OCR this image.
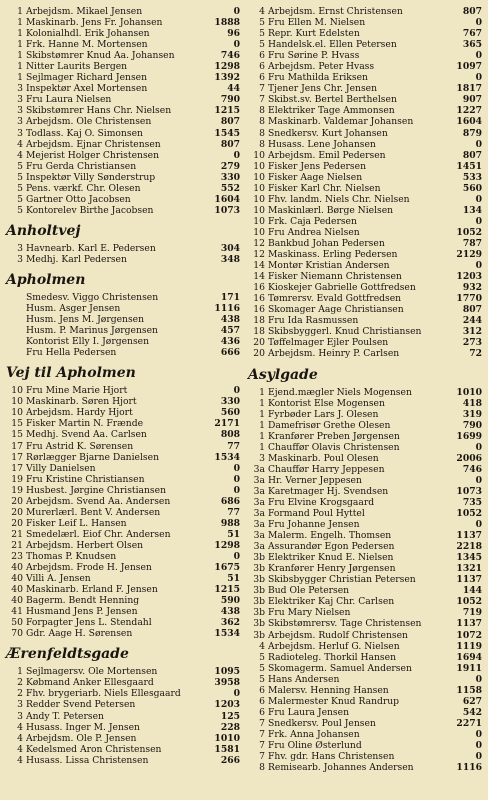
1 Arbejdsm. Mikael Jensen	0
1 Maskinarb. Jens Fr. Johansen	1888
1 Kolonialhdl. Erik Johansen	96
1 Frk. Hanne M. Mortensen	0
1 Skibstømrer Knud Aa. Johansen	746
1 Nitter Laurits Bergen	1298
1 Sejlmager Richard Jensen	1392
3 Inspektør Axel Mortensen	44
3 Fru Laura Nielsen	790
3 Skibstømrer Hans Chr. Nielsen	1215
3 Arbejdsm. Ole Christensen	807
3 Todlass. Kaj O. Simonsen	1545
4 Arbejdsm. Ejnar Christensen	807
4 Mejerist Holger Christensen	0
5 Fru Gerda Christiansen	279
5 Inspektør Villy Sønderstrup	330
5 Pens. værkf. Chr. Olesen	552
5 Gartner Otto Jacobsen	1604
5 Kontorelev Birthe Jacobsen	1073
Anholtvej
3 Havnearb. Karl E. Pedersen	304
3 Medhj. Karl Pedersen	348
Apholmen
Smedesv. Viggo Christensen	171
Husm. Asger Jensen	1116
Husm. Jens M. Jørgensen	438
Husm. P. Marinus Jørgensen	457
Kontorist Elly I. Jørgensen	436
Fru Hella Pedersen	666
Vej til Apholmen
10 Fru Mine Marie Hjort	0
10 Maskinarb. Søren Hjort	330
10 Arbejdsm. Hardy Hjort	560
15 Fisker Martin N. Frænde	2171
15 Medhj. Svend Aa. Carlsen	808
17 Fru Astrid K. Sørensen	77
17 Rørlægger Bjarne Danielsen	1534
17 Villy Danielsen	0
19 Fru Kristine Christiansen	0
19 Husbest. Jørgine Christiansen	0
20 Arbejdsm. Svend Aa. Andersen	686
20 Murerlærl. Bent V. Andersen	77
20 Fisker Leif L. Hansen	988
21 Smedelærl. Eiof Chr. Andersen	51
21 Arbejdsm. Herbert Olsen	1298
23 Thomas P. Knudsen	0
40 Arbejdsm. Frode H. Jensen	1675
40 Villi A. Jensen	51
40 Maskinarb. Erland F. Jensen	1215
40 Bagerm. Bendt Henning	590
41 Husmand Jens P. Jensen	438
50 Forpagter Jens L. Stendahl	362
70 Gdr. Aage H. Sørensen	1534
Ærenfeldtsgade
1 Sejlmagersv. Ole Mortensen	1095
2 Købmand Anker Ellesgaard	3958
2 Fhv. brygeriarb. Niels Ellesgaard	0
3 Redder Svend Petersen	1203
3 Andy T. Petersen	125
4 Husass. Inger M. Jensen	228
4 Arbejdsm. Ole P. Jensen	1010
4 Kedelsmed Aron Christensen	1581
4 Husass. Lissa Christensen	266
4 Arbejdsm. Ernst Christensen	807
5 Fru Ellen M. Nielsen	0
5 Repr. Kurt Edelsten	767
5 Handelsk.el. Ellen Petersen	365
6 Fru Sørine P. Hvass	0
6 Arbejdsm. Peter Hvass	1097
6 Fru Mathilda Eriksen	0
7 Tjener Jens Chr. Jensen	1817
7 Skibst.sv. Bertel Berthelsen	907
8 Elektriker Tage Ammonsen	1227
8 Maskinarb. Valdemar Johansen	1604
8 Snedkersv. Kurt Johansen	879
8 Husass. Lene Johansen	0
10 Arbejdsm. Emil Pedersen	807
10 Fisker Jens Pedersen	1451
10 Fisker Aage Nielsen	533
10 Fisker Karl Chr. Nielsen	560
10 Fhv. landm. Niels Chr. Nielsen	0
10 Maskinlærl. Børge Nielsen	134
10 Frk. Caja Pedersen	0
10 Fru Andrea Nielsen	1052
12 Bankbud Johan Pedersen	787
12 Maskinass. Erling Pedersen	2129
14 Montør Kristian Andersen	0
14 Fisker Niemann Christensen	1203
16 Kioskejer Gabrielle Gottfredsen	932
16 Tømrersv. Evald Gottfredsen	1770
16 Skomager Aage Christiansen	807
18 Fru Ida Rasmussen	244
18 Skibsbyggerl. Knud Christiansen	312
20 Tøffelmager Ejler Poulsen	273
20 Arbejdsm. Heinry P. Carlsen	72
Asylgade
1 Ejend.mægler Niels Mogensen	1010
1 Kontorist Else Mogensen	418
1 Fyrbøder Lars J. Olesen	319
1 Damefrisør Grethe Olesen	790
1 Kranfører Preben Jørgensen	1699
1 Chauffør Olavis Christensen	0
3 Maskinarb. Poul Olesen	2006
3a Chauffør Harry Jeppesen	746
3a Hr. Verner Jeppesen	0
3a Karetmager Hj. Svendsen	1073
3a Fru Elvine Krogsgaard	735
3a Formand Poul Hyttel	1052
3a Fru Johanne Jensen	0
3a Malerm. Engelh. Thomsen	1137
3a Assurandør Egon Pedersen	2218
3b Elektriker Knud E. Nielsen	1345
3b Kranfører Henry Jørgensen	1321
3b Skibsbygger Christian Petersen	1137
3b Bud Ole Petersen	144
3b Elektriker Kaj Chr. Carlsen	1052
3b Fru Mary Nielsen	719
3b Skibstømrersv. Tage Christensen	1137
3b Arbejdsm. Rudolf Christensen	1072
4 Arbejdsm. Herluf G. Nielsen	1119
5 Radioteleg. Thorkil Hansen	1694
5 Skomagerm. Samuel Andersen	1911
5 Hans Andersen	0
6 Malersv. Henning Hansen	1158
6 Malermester Knud Randrup	627
6 Fru Laura Jensen	542
7 Snedkersv. Poul Jensen	2271
7 Frk. Anna Johansen	0
7 Fru Oline Østerlund	0
7 Fhv. gdr. Hans Christensen	0
8 Remisearb. Johannes Andersen	1116
